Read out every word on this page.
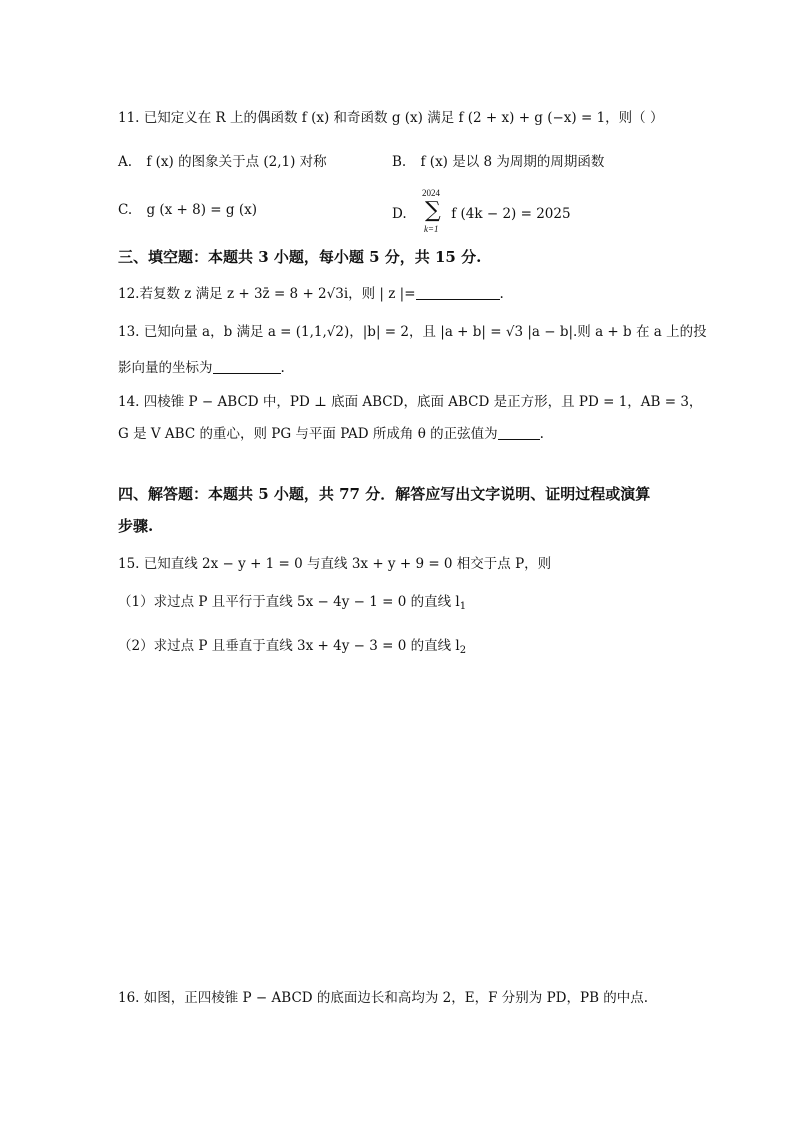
11. 已知定义在 R 上的偶函数 f (x) 和奇函数 g (x) 满足 f (2 + x) + g (−x) = 1，则（ ）
A. f (x) 的图象关于点 (2,1) 对称	B. f (x) 是以 8 为周期的周期函数
C. g (x + 8) = g (x)	D.
2024
∑
k=1
f (4k − 2) = 2025
三、填空题：本题共 3 小题，每小题 5 分，共 15 分.
12.若复数 z 满足 z + 3z̄ = 8 + 2√3i，则 | z |=	.
13. 已知向量 a，b 满足 a = (1,1,√2)，|b| = 2，且 |a + b| = √3 |a − b|.则 a + b 在 a 上的投
影向量的坐标为	.
14. 四棱锥 P − ABCD 中，PD ⊥ 底面 ABCD，底面 ABCD 是正方形，且 PD = 1，AB = 3，
G 是 V ABC 的重心，则 PG 与平面 PAD 所成角 θ 的正弦值为	.
四、解答题：本题共 5 小题，共 77 分．解答应写出文字说明、证明过程或演算
步骤.
15. 已知直线 2x − y + 1 = 0 与直线 3x + y + 9 = 0 相交于点 P，则
（1）求过点 P 且平行于直线 5x − 4y − 1 = 0 的直线 $l_1$
（2）求过点 P 且垂直于直线 3x + 4y − 3 = 0 的直线 $l_2$
16. 如图，正四棱锥 P − ABCD 的底面边长和高均为 2，E，F 分别为 PD，PB 的中点.
